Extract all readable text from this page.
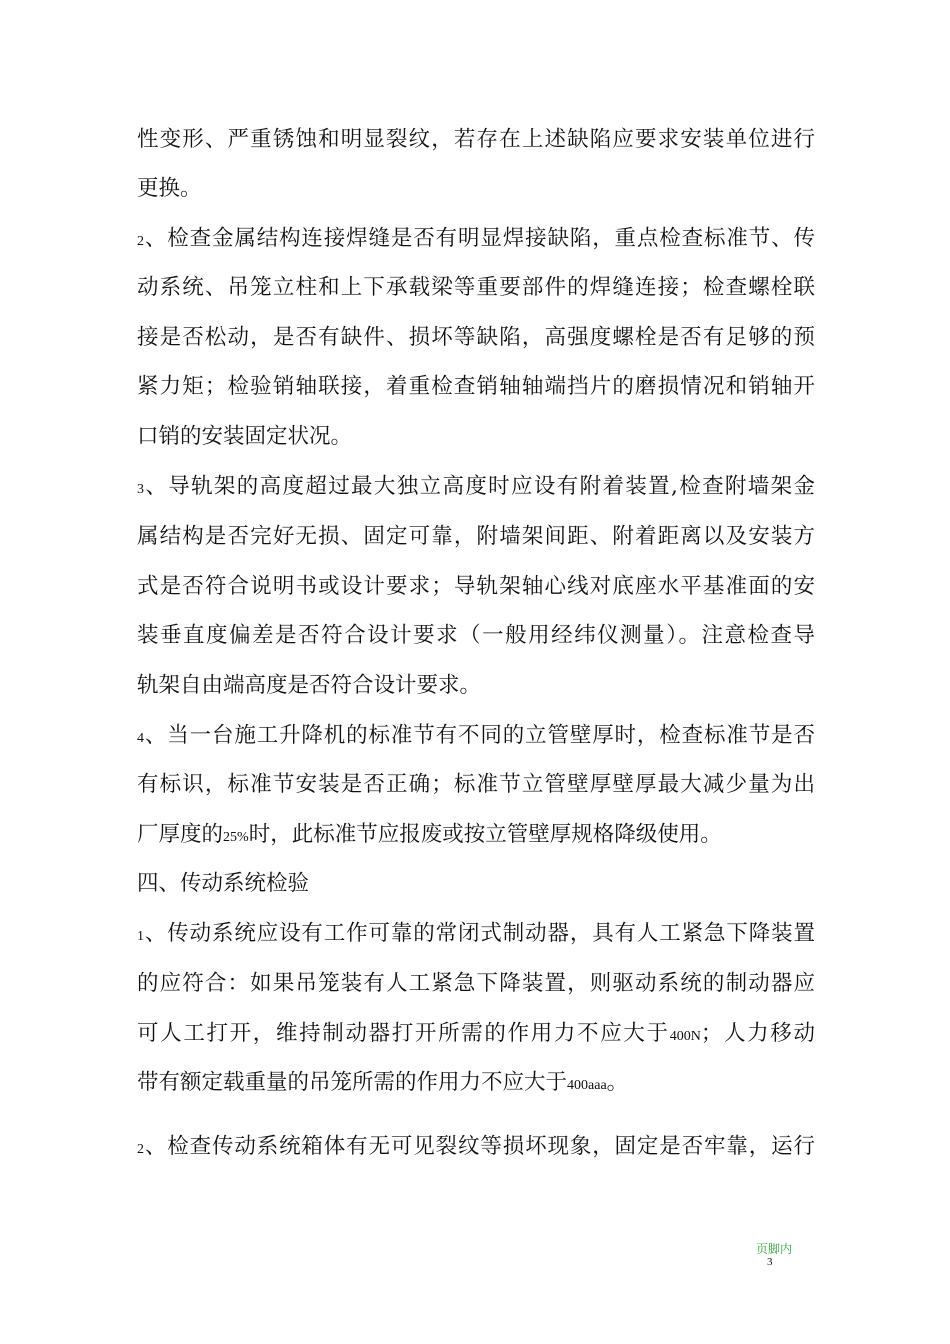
性变形、严重锈蚀和明显裂纹，若存在上述缺陷应要求安装单位进行
更换。
2、检查金属结构连接焊缝是否有明显焊接缺陷，重点检查标准节、传
动系统、吊笼立柱和上下承载梁等重要部件的焊缝连接；检查螺栓联
接是否松动，是否有缺件、损坏等缺陷，高强度螺栓是否有足够的预
紧力矩；检验销轴联接，着重检查销轴轴端挡片的磨损情况和销轴开
口销的安装固定状况。
3、导轨架的高度超过最大独立高度时应设有附着装置,检查附墙架金
属结构是否完好无损、固定可靠，附墙架间距、附着距离以及安装方
式是否符合说明书或设计要求；导轨架轴心线对底座水平基准面的安
装垂直度偏差是否符合设计要求（一般用经纬仪测量）。注意检查导
轨架自由端高度是否符合设计要求。
4、当一台施工升降机的标准节有不同的立管壁厚时，检查标准节是否
有标识，标准节安装是否正确；标准节立管壁厚壁厚最大减少量为出
厂厚度的25%时，此标准节应报废或按立管壁厚规格降级使用。
四、传动系统检验
1、传动系统应设有工作可靠的常闭式制动器，具有人工紧急下降装置
的应符合：如果吊笼装有人工紧急下降装置，则驱动系统的制动器应
可人工打开，维持制动器打开所需的作用力不应大于400N；人力移动
带有额定载重量的吊笼所需的作用力不应大于400aaa。
2、检查传动系统箱体有无可见裂纹等损坏现象，固定是否牢靠，运行
页脚内
3
